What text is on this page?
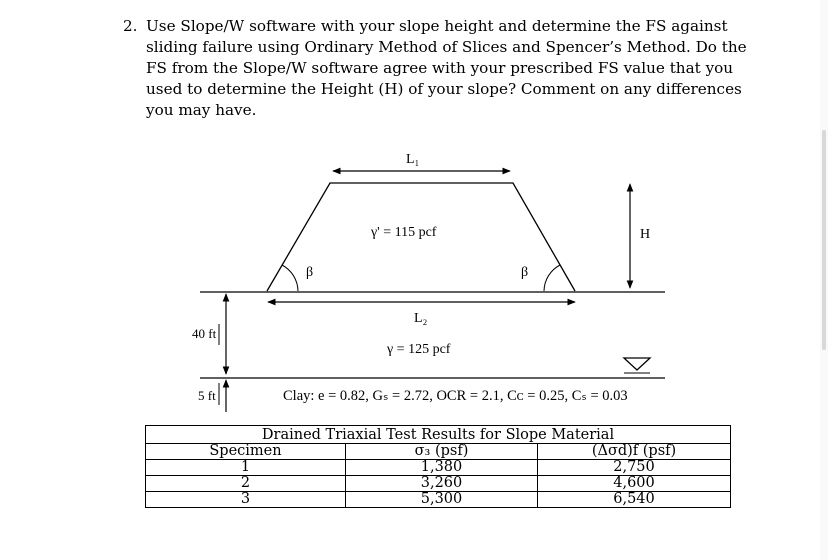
2. Use Slope/W software with your slope height and determine the FS against sliding failure using Ordinary Method of Slices and Spencer’s Method. Do the FS from the Slope/W software agree with your prescribed FS value that you used to determine the Height (H) of your slope? Comment on any differences you may have.
L₁
γ' = 115 pcf
β	β
H
L₂
γ = 125 pcf
40 ft
5 ft	Clay: e = 0.82, Gₛ = 2.72, OCR = 2.1, Cᴄ = 0.25, Cₛ = 0.03
Drained Triaxial Test Results for Slope Material		
Specimen	σ₃ (psf)	(Δσd)f (psf)
1	1,380	2,750
2	3,260	4,600
3	5,300	6,540
